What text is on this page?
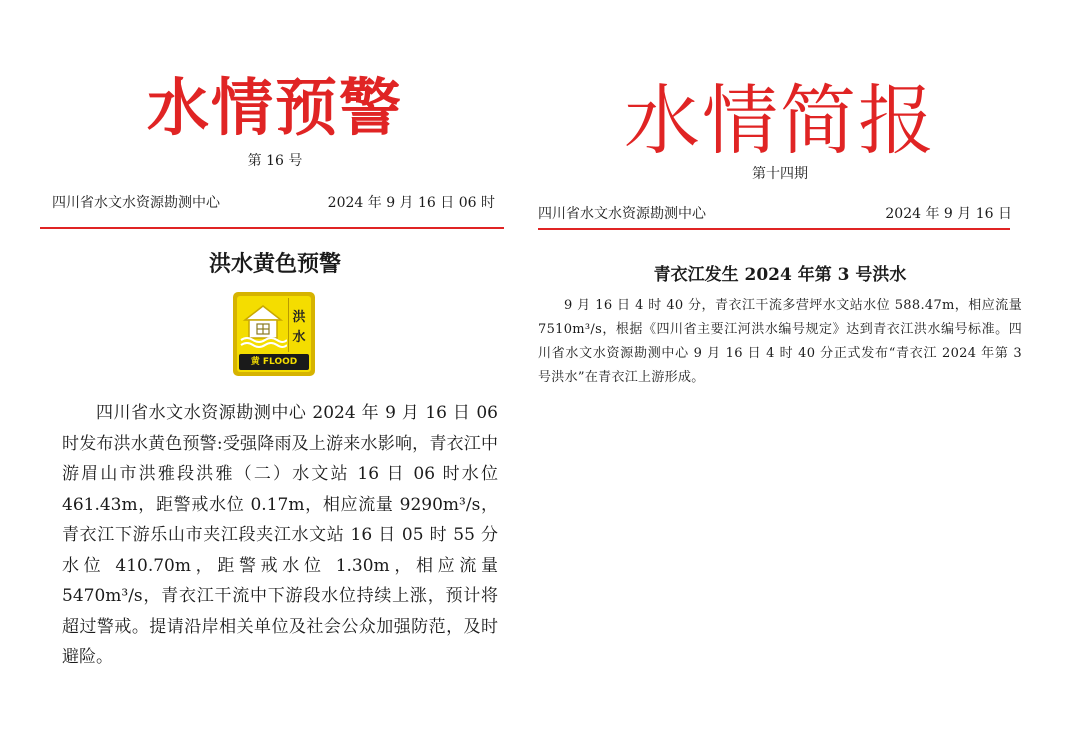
水情预警
第 16 号
四川省水文水资源勘测中心	2024 年 9 月 16 日 06 时
洪水黄色预警
洪
水
黄 FLOOD
四川省水文水资源勘测中心 2024 年 9 月 16 日 06 时发布洪水黄色预警:受强降雨及上游来水影响，青衣江中游眉山市洪雅段洪雅（二）水文站 16 日 06 时水位 461.43m，距警戒水位 0.17m，相应流量 9290m³/s，青衣江下游乐山市夹江段夹江水文站 16 日 05 时 55 分水位 410.70m，距警戒水位 1.30m，相应流量 5470m³/s，青衣江干流中下游段水位持续上涨，预计将超过警戒。提请沿岸相关单位及社会公众加强防范，及时避险。
水情简报
第十四期
四川省水文水资源勘测中心	2024 年 9 月 16 日
青衣江发生 2024 年第 3 号洪水
9 月 16 日 4 时 40 分，青衣江干流多营坪水文站水位 588.47m，相应流量 7510m³/s，根据《四川省主要江河洪水编号规定》达到青衣江洪水编号标准。四川省水文水资源勘测中心 9 月 16 日 4 时 40 分正式发布“青衣江 2024 年第 3 号洪水”在青衣江上游形成。
